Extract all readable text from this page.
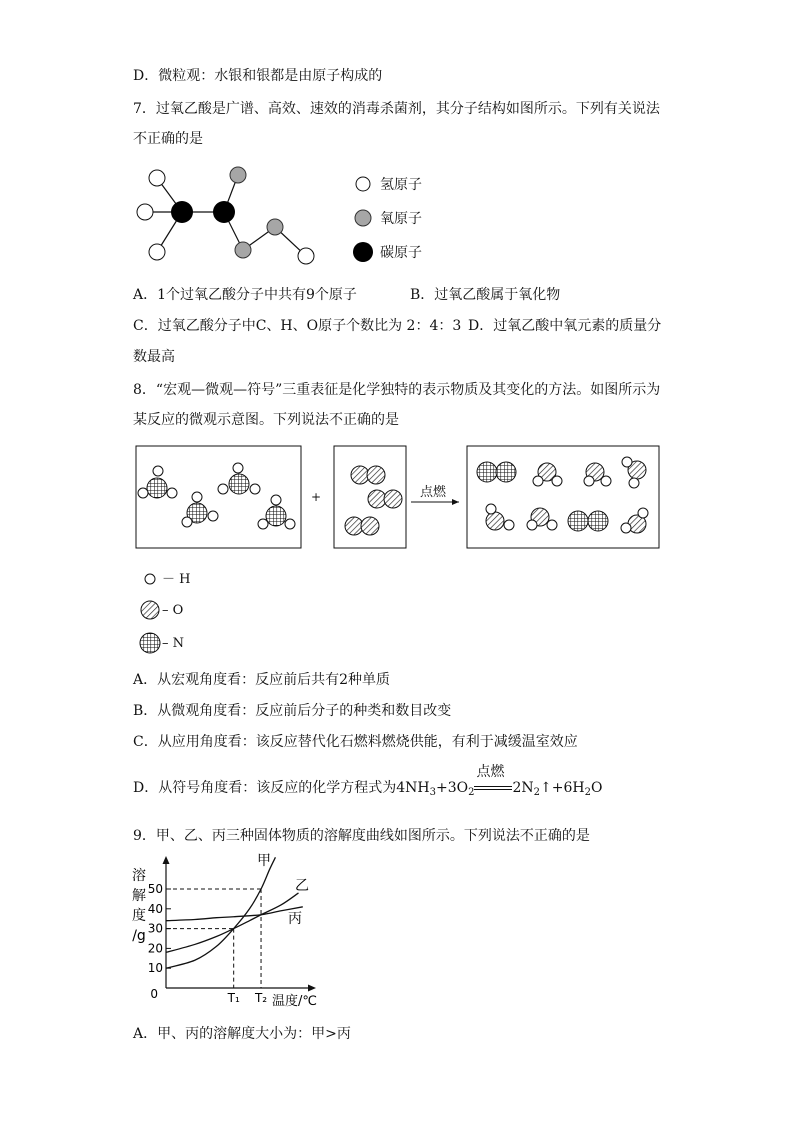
D．微粒观：水银和银都是由原子构成的
7．过氧乙酸是广谱、高效、速效的消毒杀菌剂，其分子结构如图所示。下列有关说法
不正确的是
氢原子
氧原子
碳原子
A．1个过氧乙酸分子中共有9个原子	B．过氧乙酸属于氧化物
C．过氧乙酸分子中C、H、O原子个数比为 2：4：3 D．过氧乙酸中氧元素的质量分
数最高
8．“宏观—微观—符号”三重表征是化学独特的表示物质及其变化的方法。如图所示为
某反应的微观示意图。下列说法不正确的是
+	点燃
－ H
– O
– N
A．从宏观角度看：反应前后共有2种单质
B．从微观角度看：反应前后分子的种类和数目改变
C．从应用角度看：该反应替代化石燃料燃烧供能，有利于减缓温室效应
D．从符号角度看：该反应的化学方程式为$4NH_3+3O_2$
点燃
$2N_2↑+6H_2O$
9．甲、乙、丙三种固体物质的溶解度曲线如图所示。下列说法不正确的是
10
20
30
40
50
0
溶
解
度
/g
温度/℃
T₁ T₂
甲
乙
丙
A．甲、丙的溶解度大小为：甲>丙
